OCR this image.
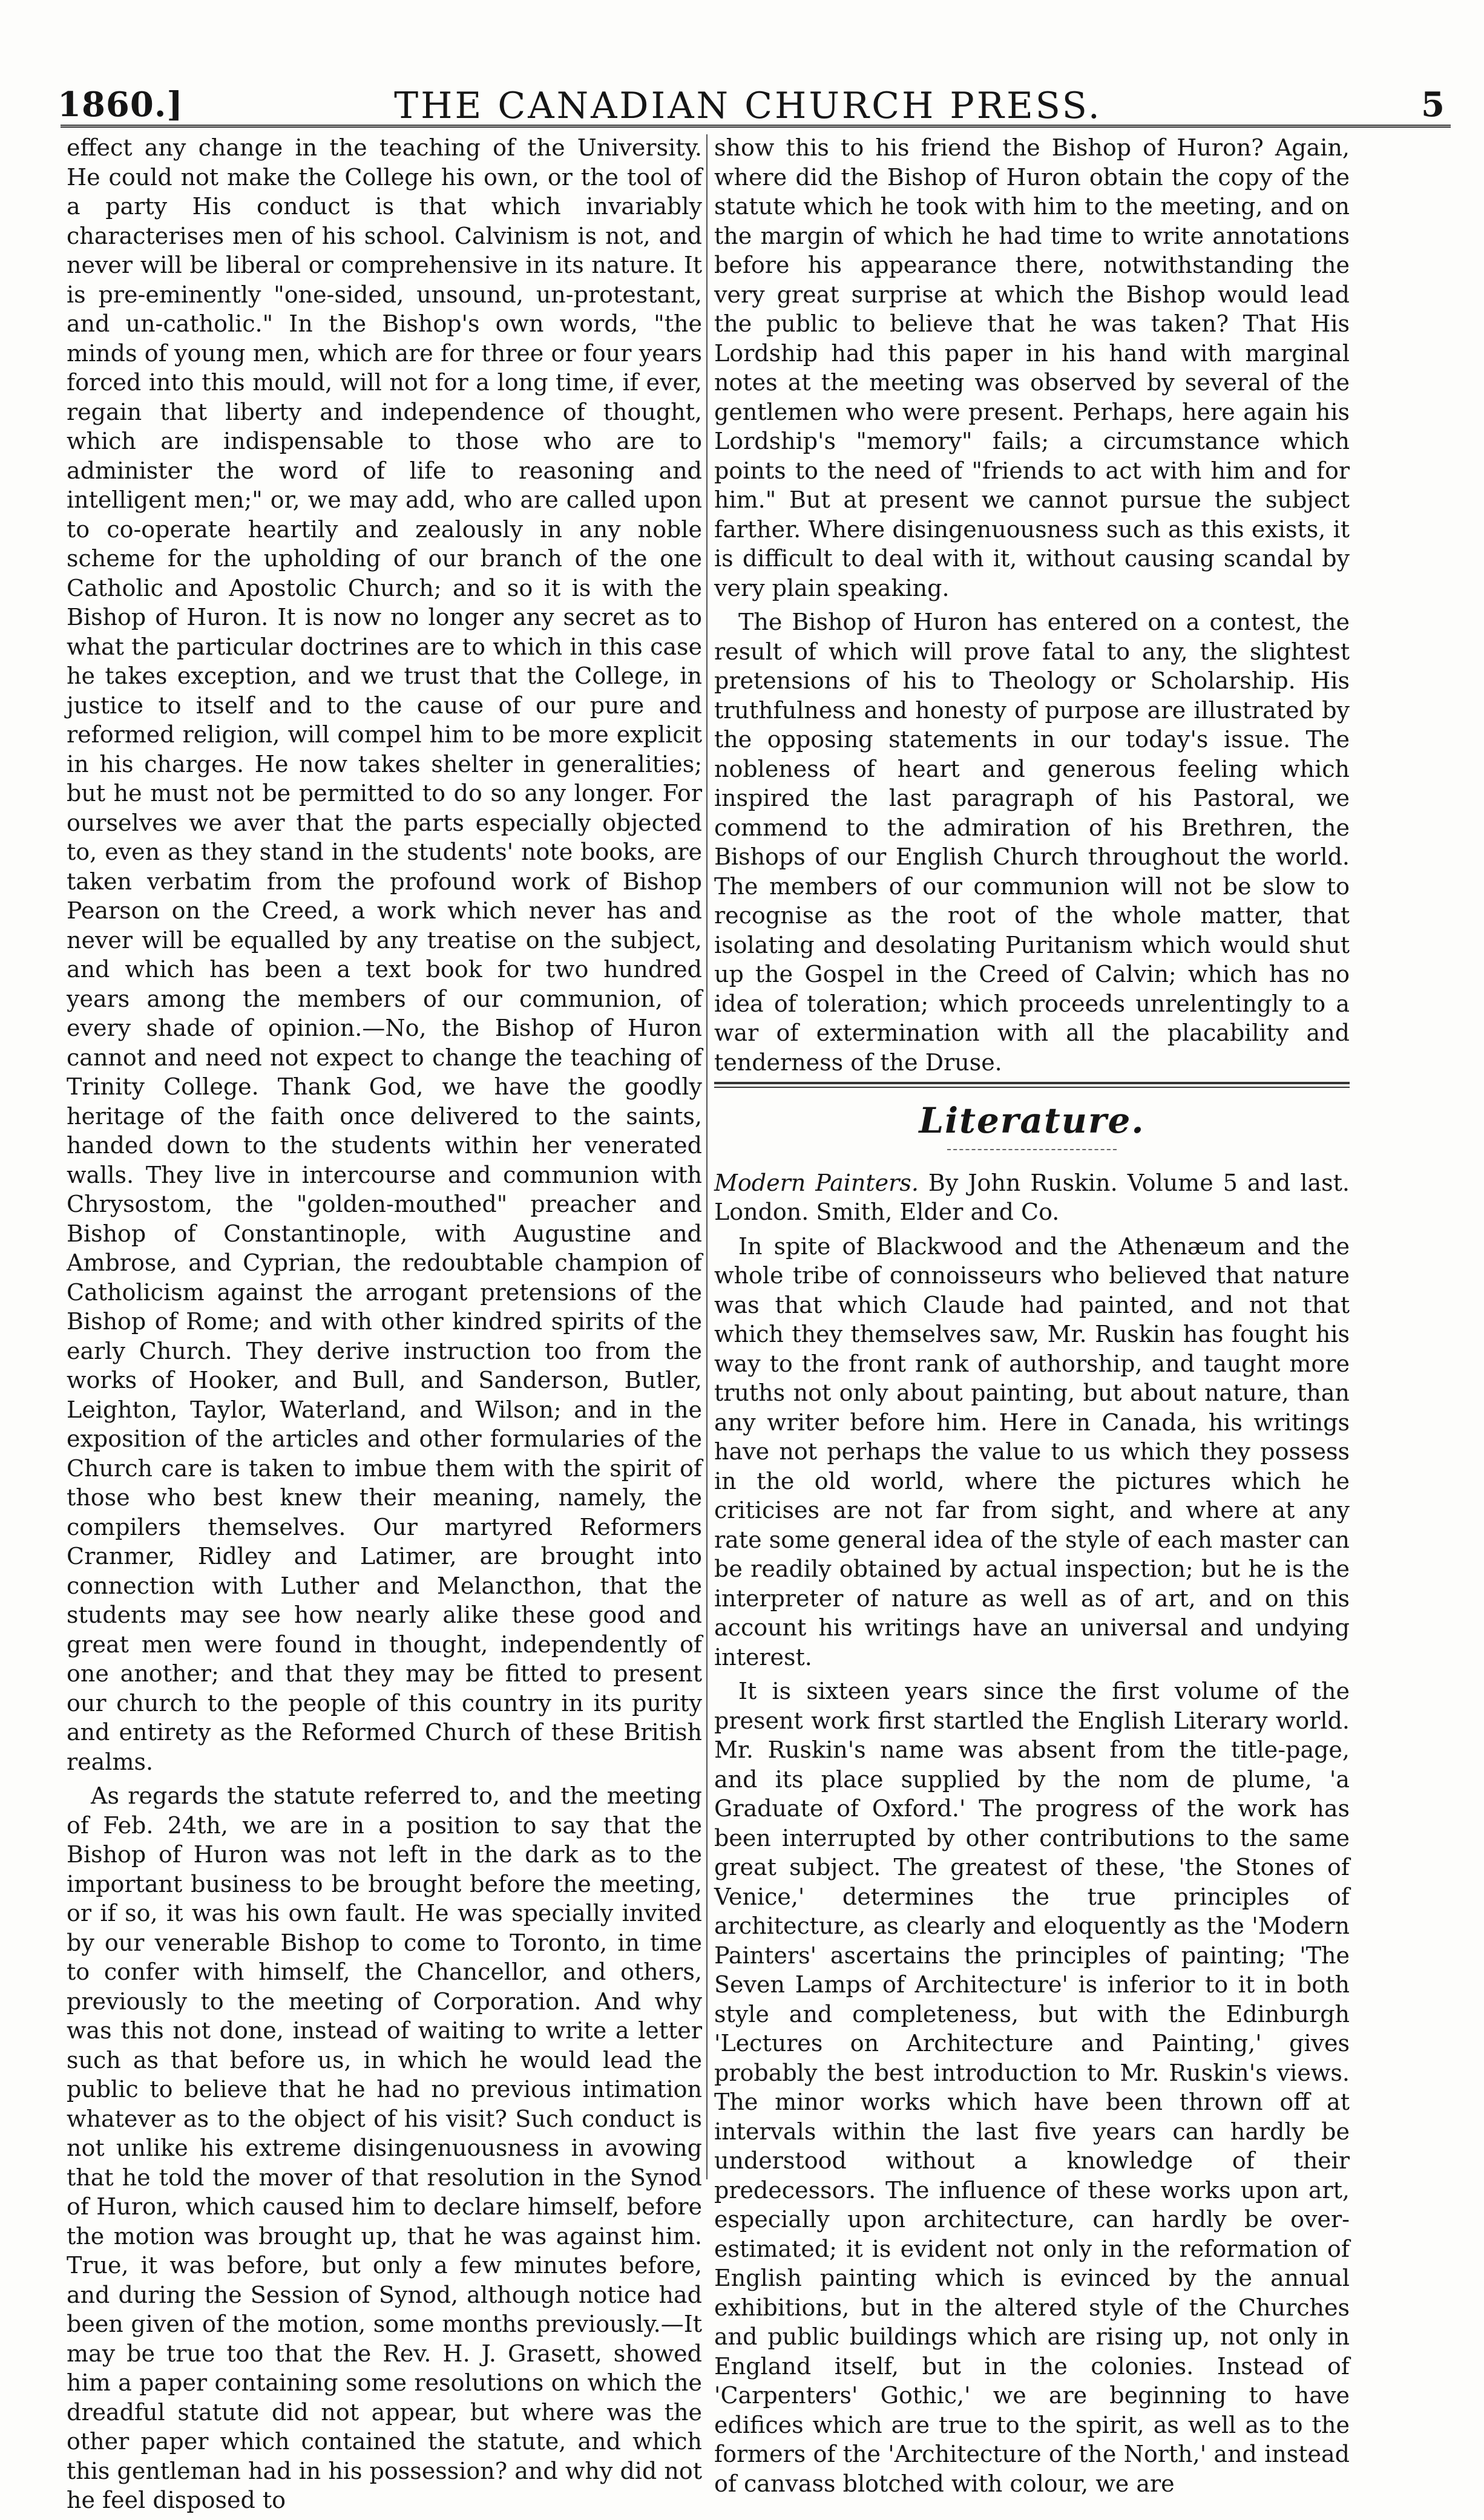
1860.]	THE CANADIAN CHURCH PRESS.	5

effect any change in the teaching of the University. He could not make the College his own, or the tool of a party His conduct is that which invariably characterises men of his school. Calvinism is not, and never will be liberal or comprehensive in its nature. It is pre-eminently "one-sided, unsound, un-protestant, and un-catholic." In the Bishop's own words, "the minds of young men, which are for three or four years forced into this mould, will not for a long time, if ever, regain that liberty and independence of thought, which are indispensable to those who are to administer the word of life to reasoning and intelligent men;" or, we may add, who are called upon to co-operate heartily and zealously in any noble scheme for the upholding of our branch of the one Catholic and Apostolic Church; and so it is with the Bishop of Huron. It is now no longer any secret as to what the particular doctrines are to which in this case he takes exception, and we trust that the College, in justice to itself and to the cause of our pure and reformed religion, will compel him to be more explicit in his charges. He now takes shelter in generalities; but he must not be permitted to do so any longer. For ourselves we aver that the parts especially objected to, even as they stand in the students' note books, are taken verbatim from the profound work of Bishop Pearson on the Creed, a work which never has and never will be equalled by any treatise on the subject, and which has been a text book for two hundred years among the members of our communion, of every shade of opinion.—No, the Bishop of Huron cannot and need not expect to change the teaching of Trinity College. Thank God, we have the goodly heritage of the faith once delivered to the saints, handed down to the students within her venerated walls. They live in intercourse and communion with Chrysostom, the "golden-mouthed" preacher and Bishop of Constantinople, with Augustine and Ambrose, and Cyprian, the redoubtable champion of Catholicism against the arrogant pretensions of the Bishop of Rome; and with other kindred spirits of the early Church. They derive instruction too from the works of Hooker, and Bull, and Sanderson, Butler, Leighton, Taylor, Waterland, and Wilson; and in the exposition of the articles and other formularies of the Church care is taken to imbue them with the spirit of those who best knew their meaning, namely, the compilers themselves. Our martyred Reformers Cranmer, Ridley and Latimer, are brought into connection with Luther and Melancthon, that the students may see how nearly alike these good and great men were found in thought, independently of one another; and that they may be fitted to present our church to the people of this country in its purity and entirety as the Reformed Church of these British realms.

As regards the statute referred to, and the meeting of Feb. 24th, we are in a position to say that the Bishop of Huron was not left in the dark as to the important business to be brought before the meeting, or if so, it was his own fault. He was specially invited by our venerable Bishop to come to Toronto, in time to confer with himself, the Chancellor, and others, previously to the meeting of Corporation. And why was this not done, instead of waiting to write a letter such as that before us, in which he would lead the public to believe that he had no previous intimation whatever as to the object of his visit? Such conduct is not unlike his extreme disingenuousness in avowing that he told the mover of that resolution in the Synod of Huron, which caused him to declare himself, before the motion was brought up, that he was against him. True, it was before, but only a few minutes before, and during the Session of Synod, although notice had been given of the motion, some months previously.—It may be true too that the Rev. H. J. Grasett, showed him a paper containing some resolutions on which the dreadful statute did not appear, but where was the other paper which contained the statute, and which this gentleman had in his possession? and why did not he feel disposed to

show this to his friend the Bishop of Huron? Again, where did the Bishop of Huron obtain the copy of the statute which he took with him to the meeting, and on the margin of which he had time to write annotations before his appearance there, notwithstanding the very great surprise at which the Bishop would lead the public to believe that he was taken? That His Lordship had this paper in his hand with marginal notes at the meeting was observed by several of the gentlemen who were present. Perhaps, here again his Lordship's "memory" fails; a circumstance which points to the need of "friends to act with him and for him." But at present we cannot pursue the subject farther. Where disingenuousness such as this exists, it is difficult to deal with it, without causing scandal by very plain speaking.

The Bishop of Huron has entered on a contest, the result of which will prove fatal to any, the slightest pretensions of his to Theology or Scholarship. His truthfulness and honesty of purpose are illustrated by the opposing statements in our today's issue. The nobleness of heart and generous feeling which inspired the last paragraph of his Pastoral, we commend to the admiration of his Brethren, the Bishops of our English Church throughout the world. The members of our communion will not be slow to recognise as the root of the whole matter, that isolating and desolating Puritanism which would shut up the Gospel in the Creed of Calvin; which has no idea of toleration; which proceeds unrelentingly to a war of extermination with all the placability and tenderness of the Druse.

Literature.

Modern Painters. By John Ruskin. Volume 5 and last. London. Smith, Elder and Co.

In spite of Blackwood and the Athenæum and the whole tribe of connoisseurs who believed that nature was that which Claude had painted, and not that which they themselves saw, Mr. Ruskin has fought his way to the front rank of authorship, and taught more truths not only about painting, but about nature, than any writer before him. Here in Canada, his writings have not perhaps the value to us which they possess in the old world, where the pictures which he criticises are not far from sight, and where at any rate some general idea of the style of each master can be readily obtained by actual inspection; but he is the interpreter of nature as well as of art, and on this account his writings have an universal and undying interest.

It is sixteen years since the first volume of the present work first startled the English Literary world. Mr. Ruskin's name was absent from the title-page, and its place supplied by the nom de plume, 'a Graduate of Oxford.' The progress of the work has been interrupted by other contributions to the same great subject. The greatest of these, 'the Stones of Venice,' determines the true principles of architecture, as clearly and eloquently as the 'Modern Painters' ascertains the principles of painting; 'The Seven Lamps of Architecture' is inferior to it in both style and completeness, but with the Edinburgh 'Lectures on Architecture and Painting,' gives probably the best introduction to Mr. Ruskin's views. The minor works which have been thrown off at intervals within the last five years can hardly be understood without a knowledge of their predecessors. The influence of these works upon art, especially upon architecture, can hardly be over-estimated; it is evident not only in the reformation of English painting which is evinced by the annual exhibitions, but in the altered style of the Churches and public buildings which are rising up, not only in England itself, but in the colonies. Instead of 'Carpenters' Gothic,' we are beginning to have edifices which are true to the spirit, as well as to the formers of the 'Architecture of the North,' and instead of canvass blotched with colour, we are
